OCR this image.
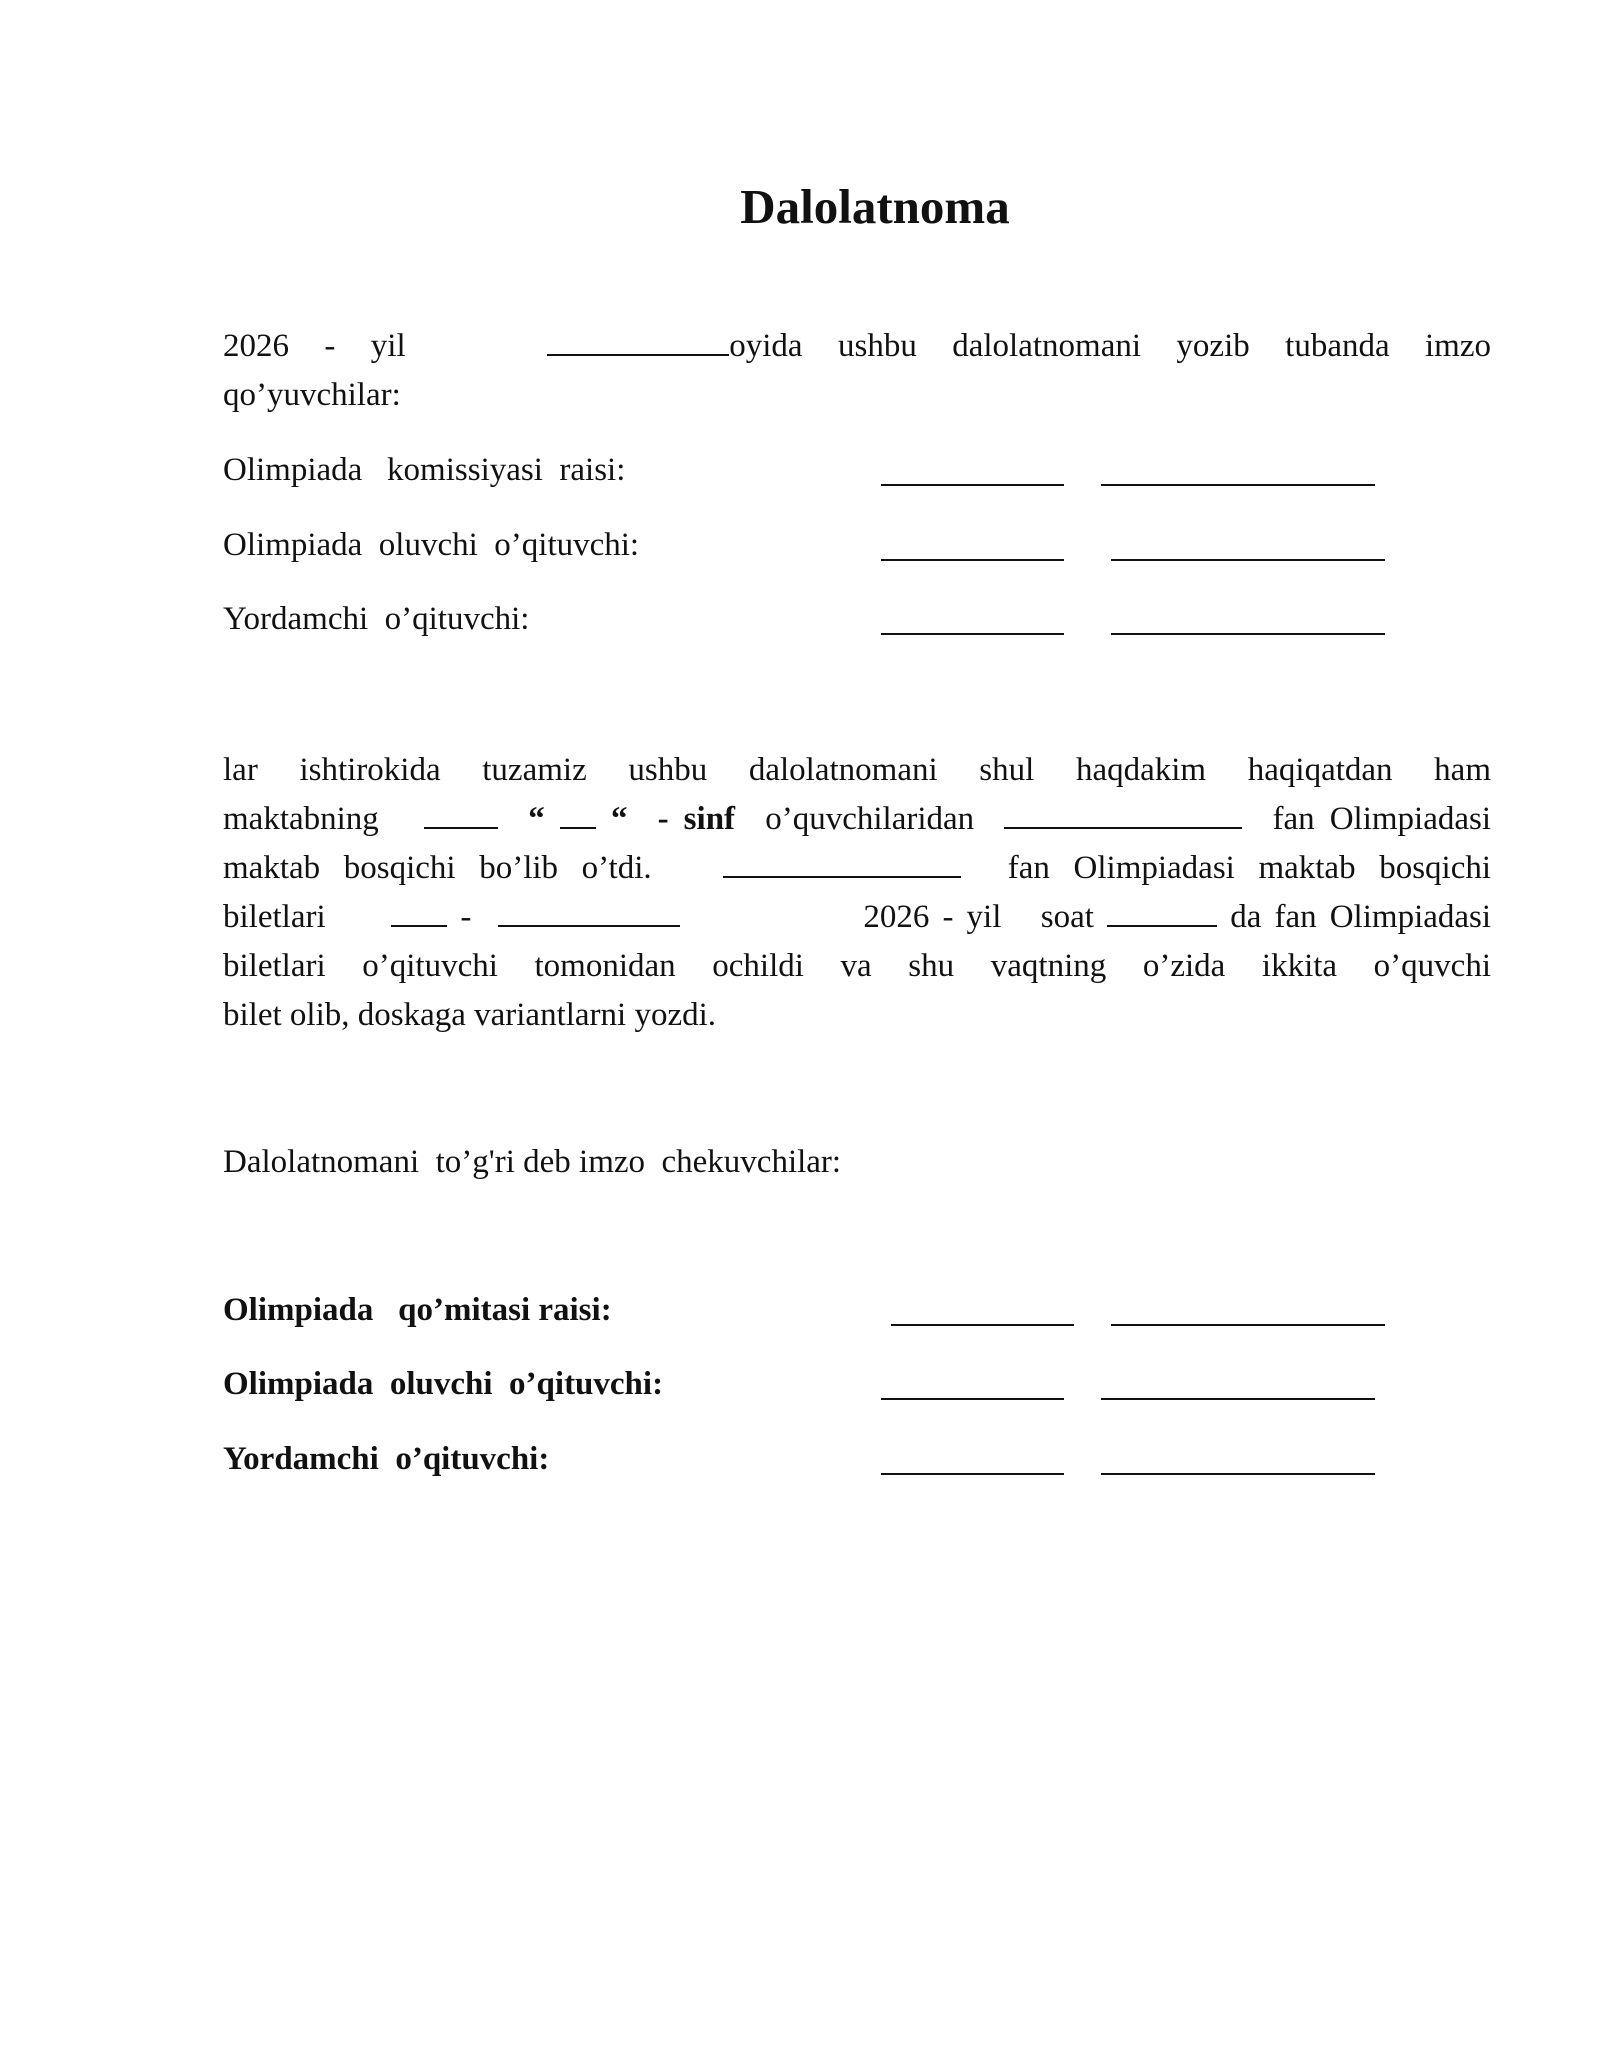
Dalolatnoma
2026 - yil	oyida ushbu dalolatnomani yozib tubanda imzo
qo’yuvchilar:
Olimpiada   komissiyasi  raisi:
Olimpiada  oluvchi  o’qituvchi:
Yordamchi  o’qituvchi:
lar ishtirokida tuzamiz ushbu dalolatnomani shul haqdakim haqiqatdan ham
maktabning	“ “ - sinf o’quvchilaridan	fan Olimpiadasi
maktab bosqichi bo’lib o’tdi.	fan Olimpiadasi maktab bosqichi
biletlari	-	2026 - yil soat	da fan Olimpiadasi
biletlari o’qituvchi tomonidan ochildi va shu vaqtning o’zida ikkita o’quvchi
bilet olib, doskaga variantlarni yozdi.
Dalolatnomani  to’g'ri deb imzo  chekuvchilar:
Olimpiada   qo’mitasi raisi:
Olimpiada  oluvchi  o’qituvchi:
Yordamchi  o’qituvchi:
